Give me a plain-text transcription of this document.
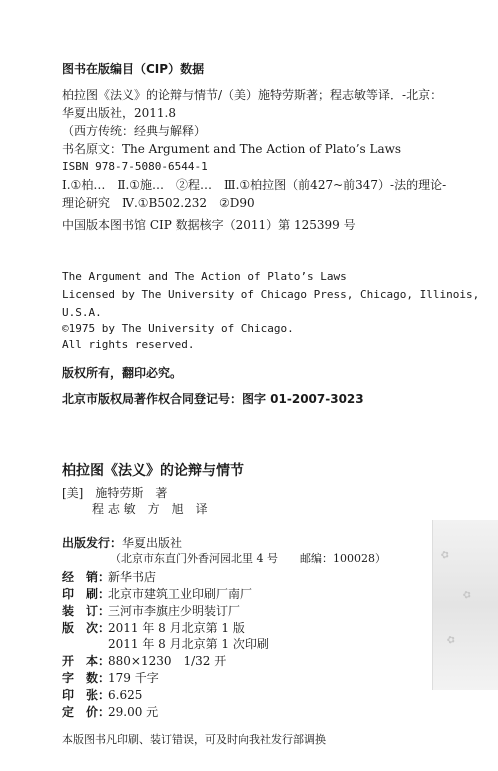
图书在版编目（CIP）数据
柏拉图《法义》的论辩与情节/（美）施特劳斯著；程志敏等译．-北京：
华夏出版社，2011.8
（西方传统：经典与解释）
书名原文：The Argument and The Action of Plato’s Laws
ISBN 978-7-5080-6544-1
Ⅰ.①柏…　Ⅱ.①施…　②程…　Ⅲ.①柏拉图（前427~前347）-法的理论-
理论研究　Ⅳ.①B502.232　②D90
中国版本图书馆 CIP 数据核字（2011）第 125399 号
The Argument and The Action of Plato’s Laws
Licensed by The University of Chicago Press, Chicago, Illinois,
U.S.A.
©1975 by The University of Chicago.
All rights reserved.
版权所有，翻印必究。
北京市版权局著作权合同登记号：图字 01-2007-3023
柏拉图《法义》的论辩与情节
[美]　施特劳斯　著
程 志 敏　方　旭　译
出版发行：华夏出版社
（北京市东直门外香河园北里 4 号　　邮编：100028）
经　销：新华书店
印　刷：北京市建筑工业印刷厂南厂
装　订：三河市李旗庄少明装订厂
版　次：2011 年 8 月北京第 1 版
2011 年 8 月北京第 1 次印刷
开　本：880×1230　1/32 开
字　数：179 千字
印　张：6.625
定　价：29.00 元
本版图书凡印刷、装订错误，可及时向我社发行部调换
✿
✿
✿
